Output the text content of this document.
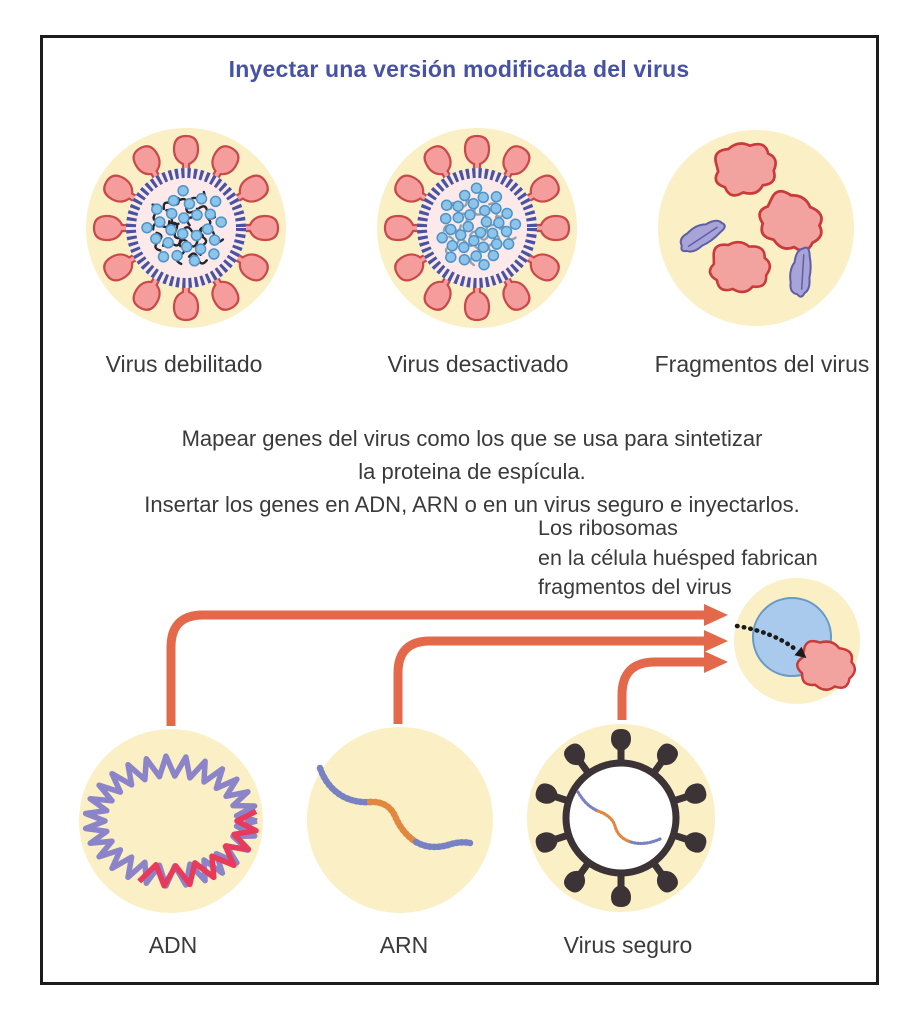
Inyectar una versión modificada del virus
Virus debilitado	Virus desactivado	Fragmentos del virus
Mapear genes del virus como los que se usa para sintetizar
la proteina de espícula.
Insertar los genes en ADN, ARN o en un virus seguro e inyectarlos.
Los ribosomas
en la célula huésped fabrican
fragmentos del virus
ADN	ARN	Virus seguro
